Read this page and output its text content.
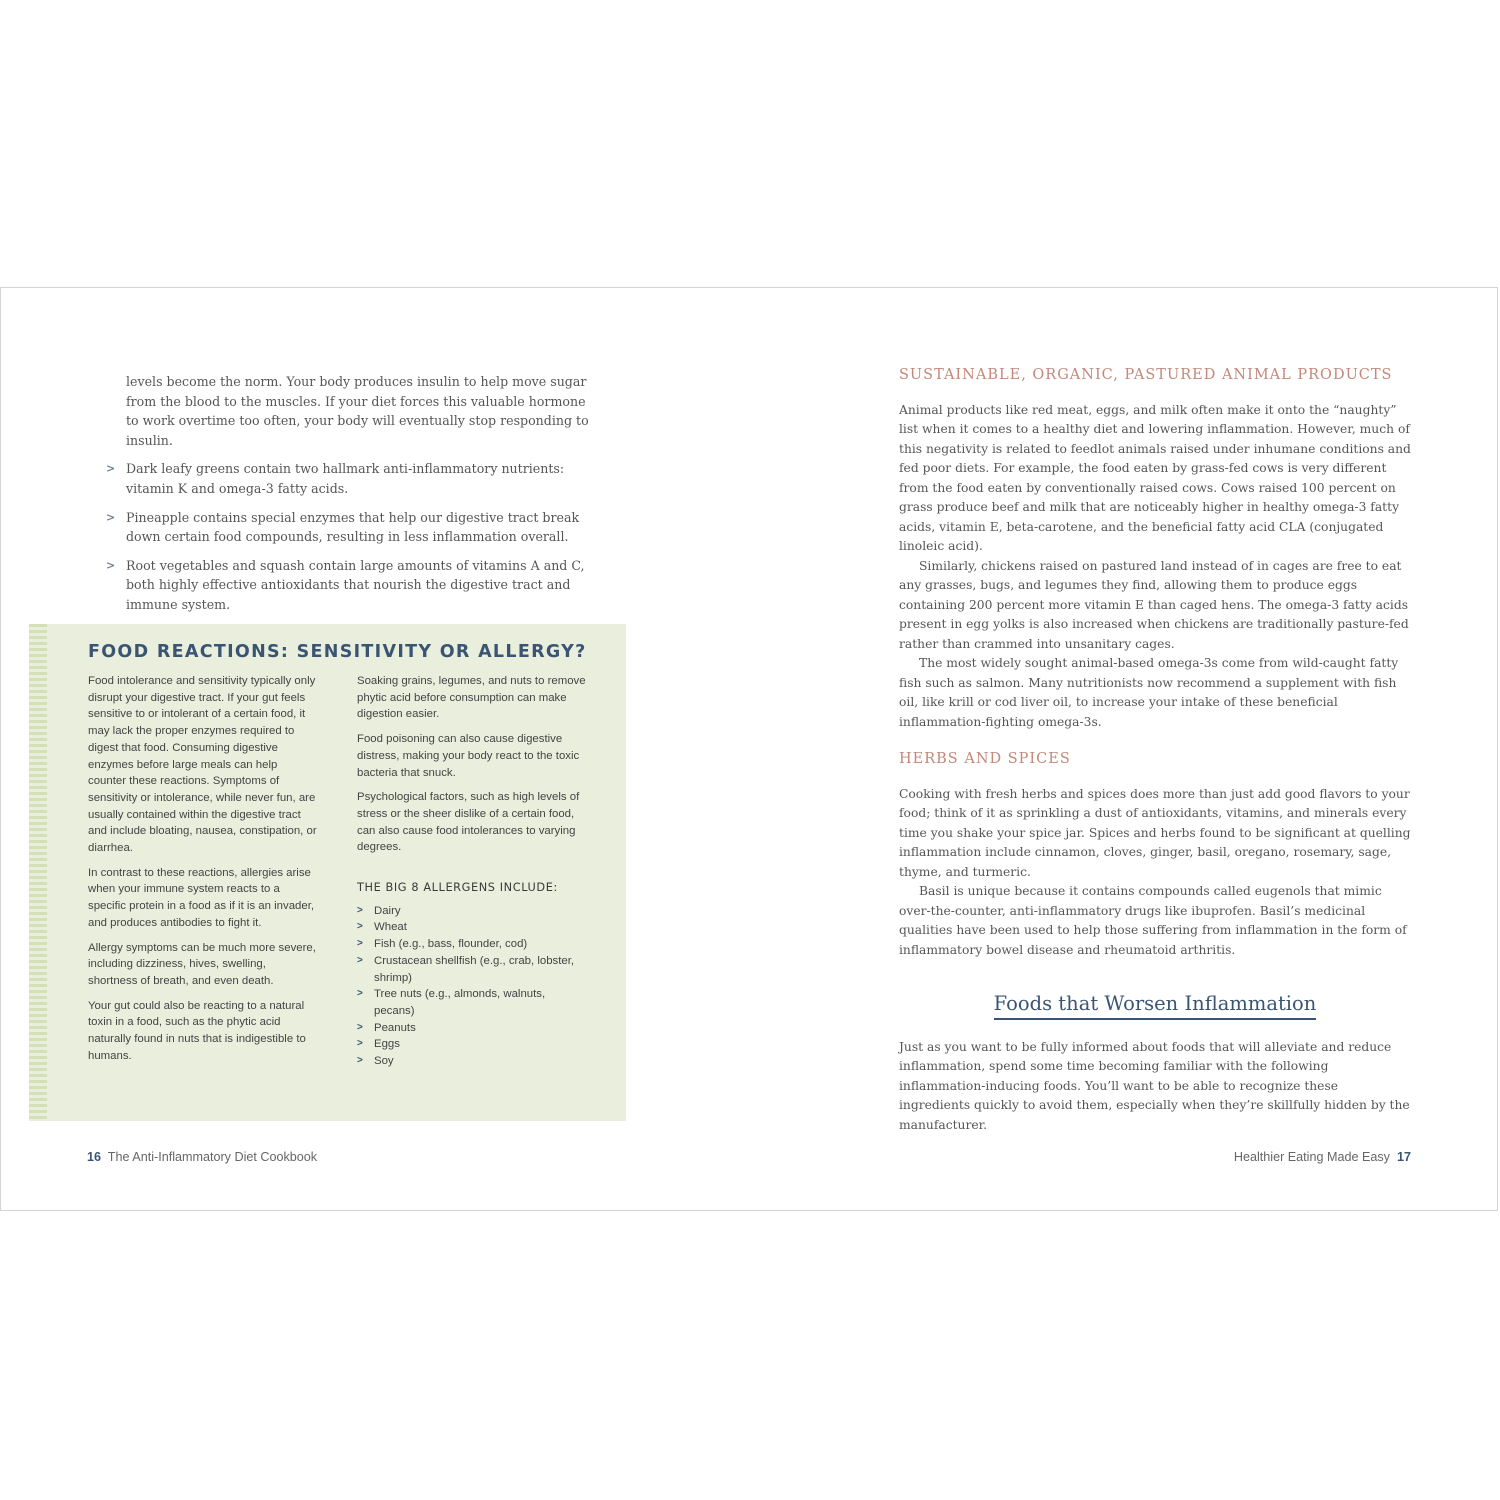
levels become the norm. Your body produces insulin to help move sugar from the blood to the muscles. If your diet forces this valuable hormone to work overtime too often, your body will eventually stop responding to insulin.

> Dark leafy greens contain two hallmark anti-inflammatory nutrients: vitamin K and omega-3 fatty acids.
> Pineapple contains special enzymes that help our digestive tract break down certain food compounds, resulting in less inflammation overall.
> Root vegetables and squash contain large amounts of vitamins A and C, both highly effective antioxidants that nourish the digestive tract and immune system.
FOOD REACTIONS: SENSITIVITY OR ALLERGY?

Food intolerance and sensitivity typically only disrupt your digestive tract. If your gut feels sensitive to or intolerant of a certain food, it may lack the proper enzymes required to digest that food. Consuming digestive enzymes before large meals can help counter these reactions. Symptoms of sensitivity or intolerance, while never fun, are usually contained within the digestive tract and include bloating, nausea, constipation, or diarrhea.

In contrast to these reactions, allergies arise when your immune system reacts to a specific protein in a food as if it is an invader, and produces antibodies to fight it.

Allergy symptoms can be much more severe, including dizziness, hives, swelling, shortness of breath, and even death.

Your gut could also be reacting to a natural toxin in a food, such as the phytic acid naturally found in nuts that is indigestible to humans.

Soaking grains, legumes, and nuts to remove phytic acid before consumption can make digestion easier.

Food poisoning can also cause digestive distress, making your body react to the toxic bacteria that snuck.

Psychological factors, such as high levels of stress or the sheer dislike of a certain food, can also cause food intolerances to varying degrees.

THE BIG 8 ALLERGENS INCLUDE:
> Dairy
> Wheat
> Fish (e.g., bass, flounder, cod)
> Crustacean shellfish (e.g., crab, lobster, shrimp)
> Tree nuts (e.g., almonds, walnuts, pecans)
> Peanuts
> Eggs
> Soy
16 The Anti-Inflammatory Diet Cookbook
SUSTAINABLE, ORGANIC, PASTURED ANIMAL PRODUCTS

Animal products like red meat, eggs, and milk often make it onto the “naughty” list when it comes to a healthy diet and lowering inflammation. However, much of this negativity is related to feedlot animals raised under inhumane conditions and fed poor diets. For example, the food eaten by grass-fed cows is very different from the food eaten by conventionally raised cows. Cows raised 100 percent on grass produce beef and milk that are noticeably higher in healthy omega-3 fatty acids, vitamin E, beta-carotene, and the beneficial fatty acid CLA (conjugated linoleic acid).

Similarly, chickens raised on pastured land instead of in cages are free to eat any grasses, bugs, and legumes they find, allowing them to produce eggs containing 200 percent more vitamin E than caged hens. The omega-3 fatty acids present in egg yolks is also increased when chickens are traditionally pasture-fed rather than crammed into unsanitary cages.

The most widely sought animal-based omega-3s come from wild-caught fatty fish such as salmon. Many nutritionists now recommend a supplement with fish oil, like krill or cod liver oil, to increase your intake of these beneficial inflammation-fighting omega-3s.

HERBS AND SPICES

Cooking with fresh herbs and spices does more than just add good flavors to your food; think of it as sprinkling a dust of antioxidants, vitamins, and minerals every time you shake your spice jar. Spices and herbs found to be significant at quelling inflammation include cinnamon, cloves, ginger, basil, oregano, rosemary, sage, thyme, and turmeric.

Basil is unique because it contains compounds called eugenols that mimic over-the-counter, anti-inflammatory drugs like ibuprofen. Basil’s medicinal qualities have been used to help those suffering from inflammation in the form of inflammatory bowel disease and rheumatoid arthritis.

Foods that Worsen Inflammation

Just as you want to be fully informed about foods that will alleviate and reduce inflammation, spend some time becoming familiar with the following inflammation-inducing foods. You’ll want to be able to recognize these ingredients quickly to avoid them, especially when they’re skillfully hidden by the manufacturer.

Healthier Eating Made Easy 17
